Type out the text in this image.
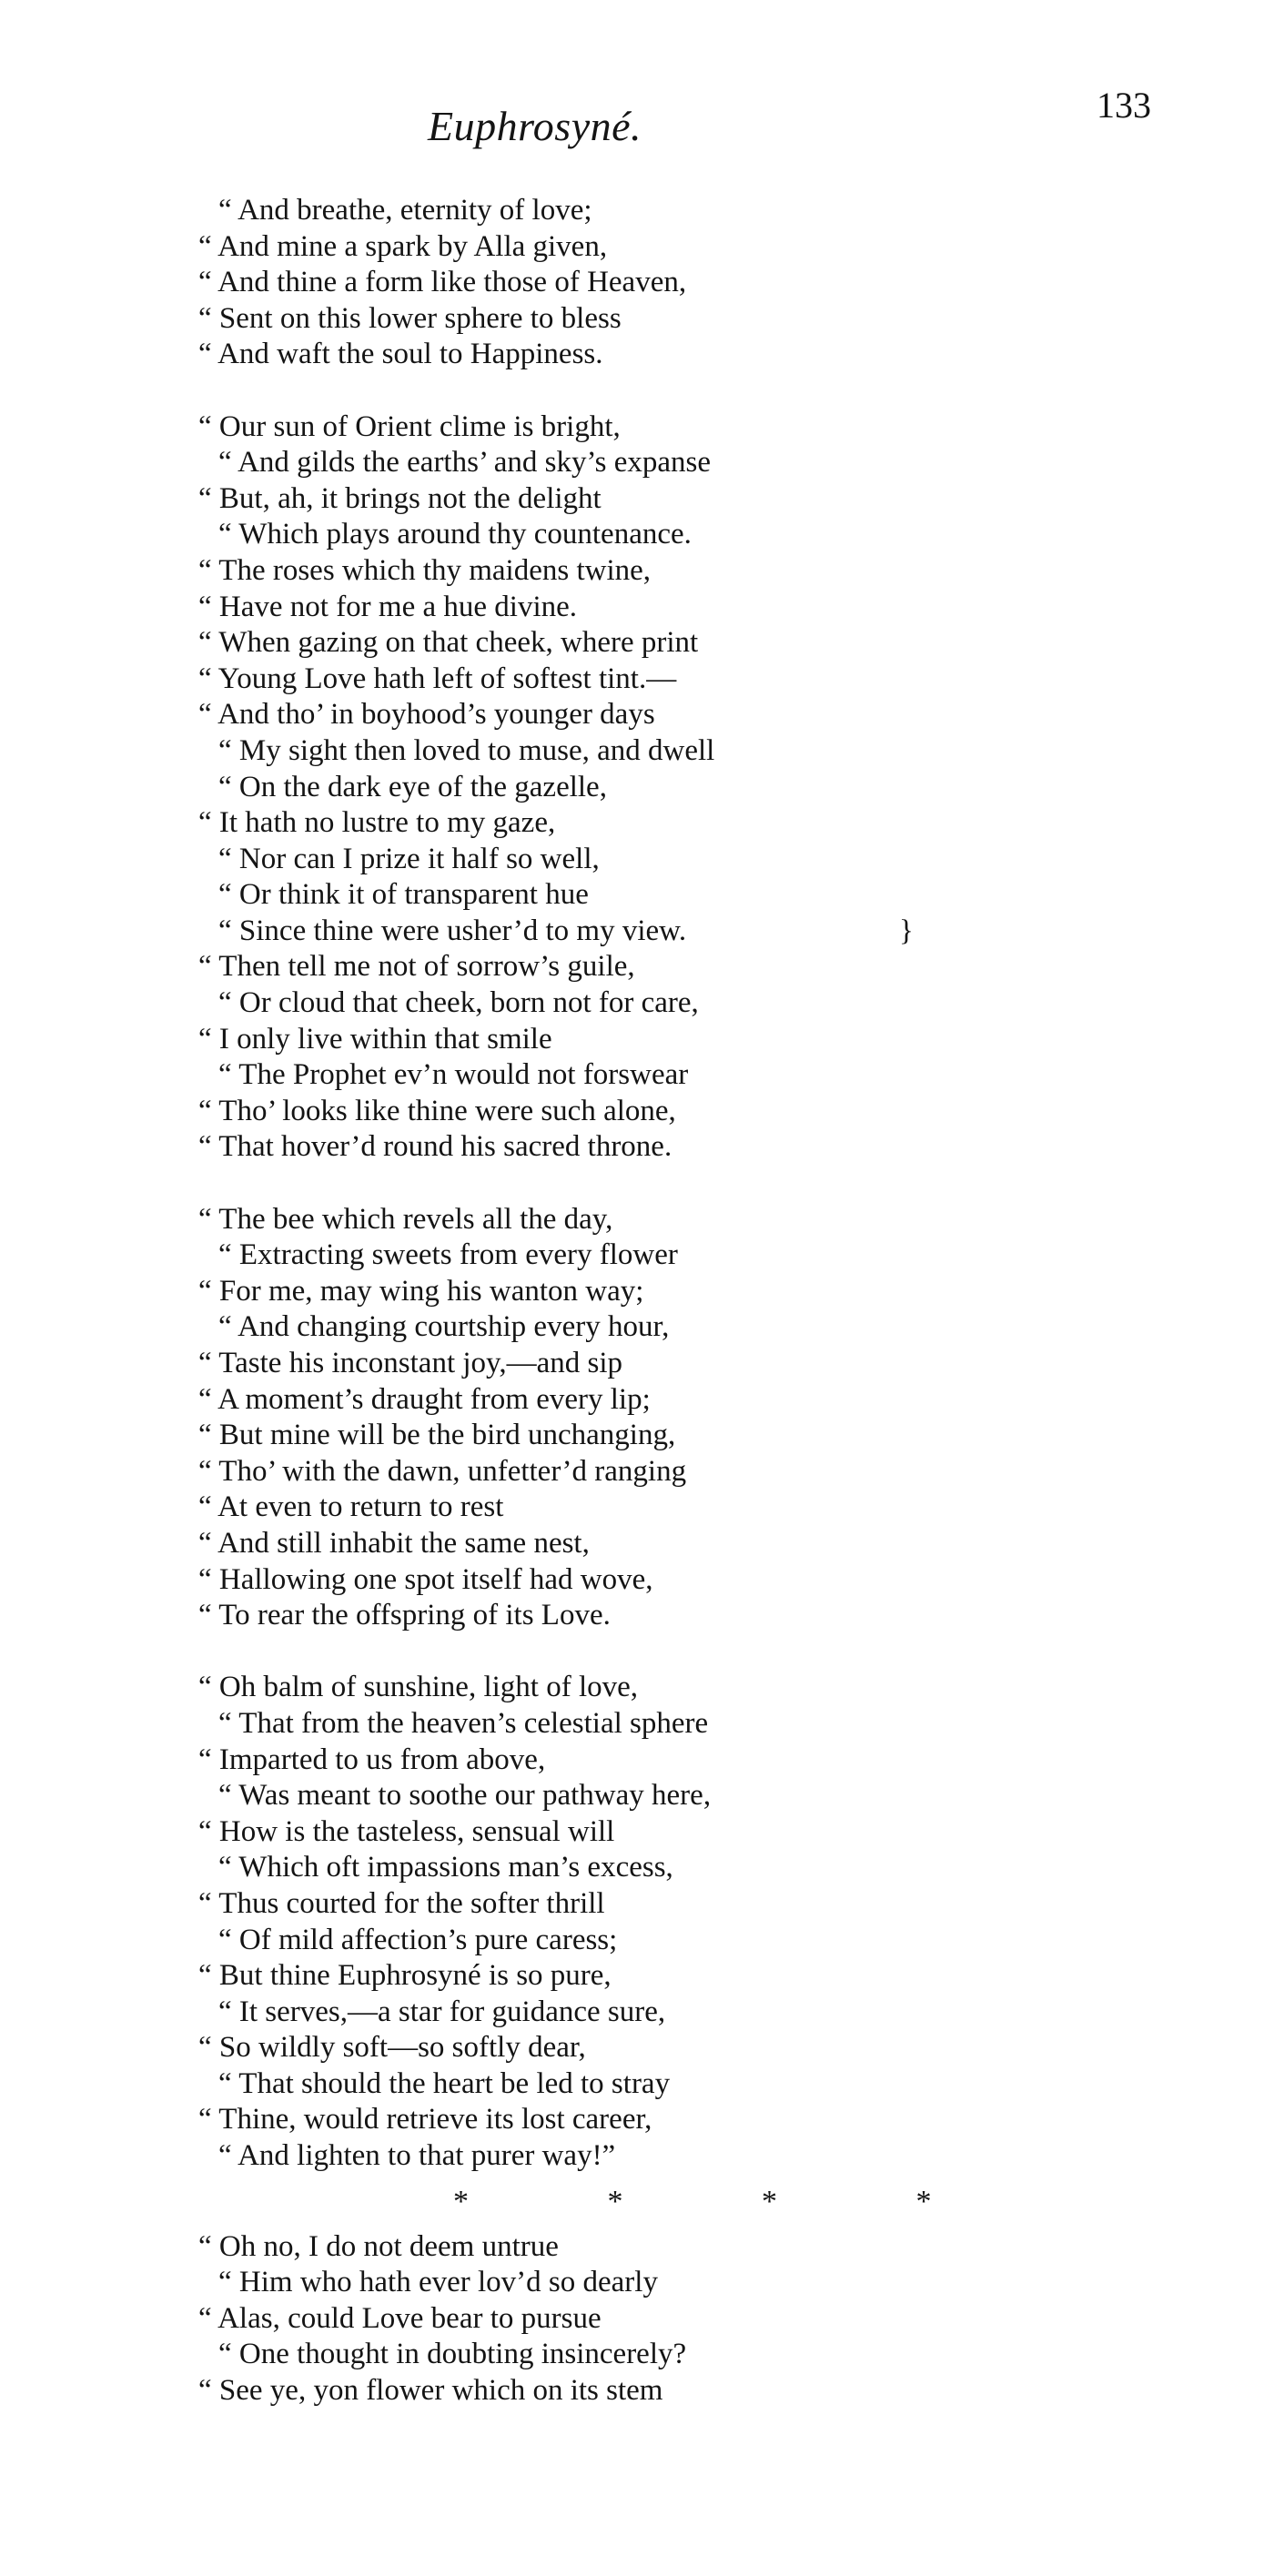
Euphrosyné.	133
“ And breathe, eternity of love;
“ And mine a spark by Alla given,
“ And thine a form like those of Heaven,
“ Sent on this lower sphere to bless
“ And waft the soul to Happiness.
“ Our sun of Orient clime is bright,
“ And gilds the earths’ and sky’s expanse
“ But, ah, it brings not the delight
“ Which plays around thy countenance.
“ The roses which thy maidens twine,
“ Have not for me a hue divine.
“ When gazing on that cheek, where print
“ Young Love hath left of softest tint.—
“ And tho’ in boyhood’s younger days
“ My sight then loved to muse, and dwell
“ On the dark eye of the gazelle,
“ It hath no lustre to my gaze,
“ Nor can I prize it half so well,
“ Or think it of transparent hue
“ Since thine were usher’d to my view.	}
“ Then tell me not of sorrow’s guile,
“ Or cloud that cheek, born not for care,
“ I only live within that smile
“ The Prophet ev’n would not forswear
“ Tho’ looks like thine were such alone,
“ That hover’d round his sacred throne.
“ The bee which revels all the day,
“ Extracting sweets from every flower
“ For me, may wing his wanton way;
“ And changing courtship every hour,
“ Taste his inconstant joy,—and sip
“ A moment’s draught from every lip;
“ But mine will be the bird unchanging,
“ Tho’ with the dawn, unfetter’d ranging
“ At even to return to rest
“ And still inhabit the same nest,
“ Hallowing one spot itself had wove,
“ To rear the offspring of its Love.
“ Oh balm of sunshine, light of love,
“ That from the heaven’s celestial sphere
“ Imparted to us from above,
“ Was meant to soothe our pathway here,
“ How is the tasteless, sensual will
“ Which oft impassions man’s excess,
“ Thus courted for the softer thrill
“ Of mild affection’s pure caress;
“ But thine Euphrosyné is so pure,
“ It serves,—a star for guidance sure,
“ So wildly soft—so softly dear,
“ That should the heart be led to stray
“ Thine, would retrieve its lost career,
“ And lighten to that purer way!”
* * * *
“ Oh no, I do not deem untrue
“ Him who hath ever lov’d so dearly
“ Alas, could Love bear to pursue
“ One thought in doubting insincerely?
“ See ye, yon flower which on its stem
